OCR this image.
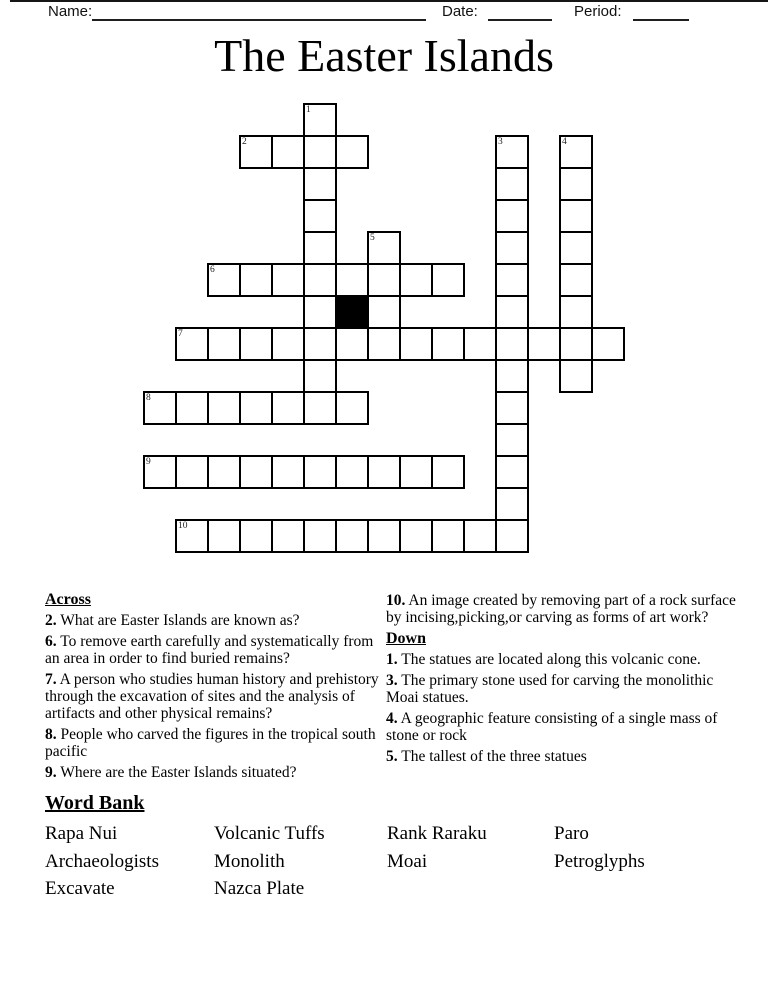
Name:	Date:	Period:
The Easter Islands
1
2	3	4
5
6
7
8
9
10

Across

2. What are Easter Islands are known as?

6. To remove earth carefully and systematically from an area in order to find buried remains?

7. A person who studies human history and prehistory through the excavation of sites and the analysis of artifacts and other physical remains?

8. People who carved the figures in the tropical south pacific

9. Where are the Easter Islands situated?

10. An image created by removing part of a rock surface by incising,picking,or carving as forms of art work?

Down

1. The statues are located along this volcanic cone.

3. The primary stone used for carving the monolithic Moai statues.

4. A geographic feature consisting of a single mass of stone or rock

5. The tallest of the three statues

Word Bank
Rapa Nui
Archaeologists
Excavate
Volcanic Tuffs
Monolith
Nazca Plate
Rank Raraku
Moai
Paro
Petroglyphs
